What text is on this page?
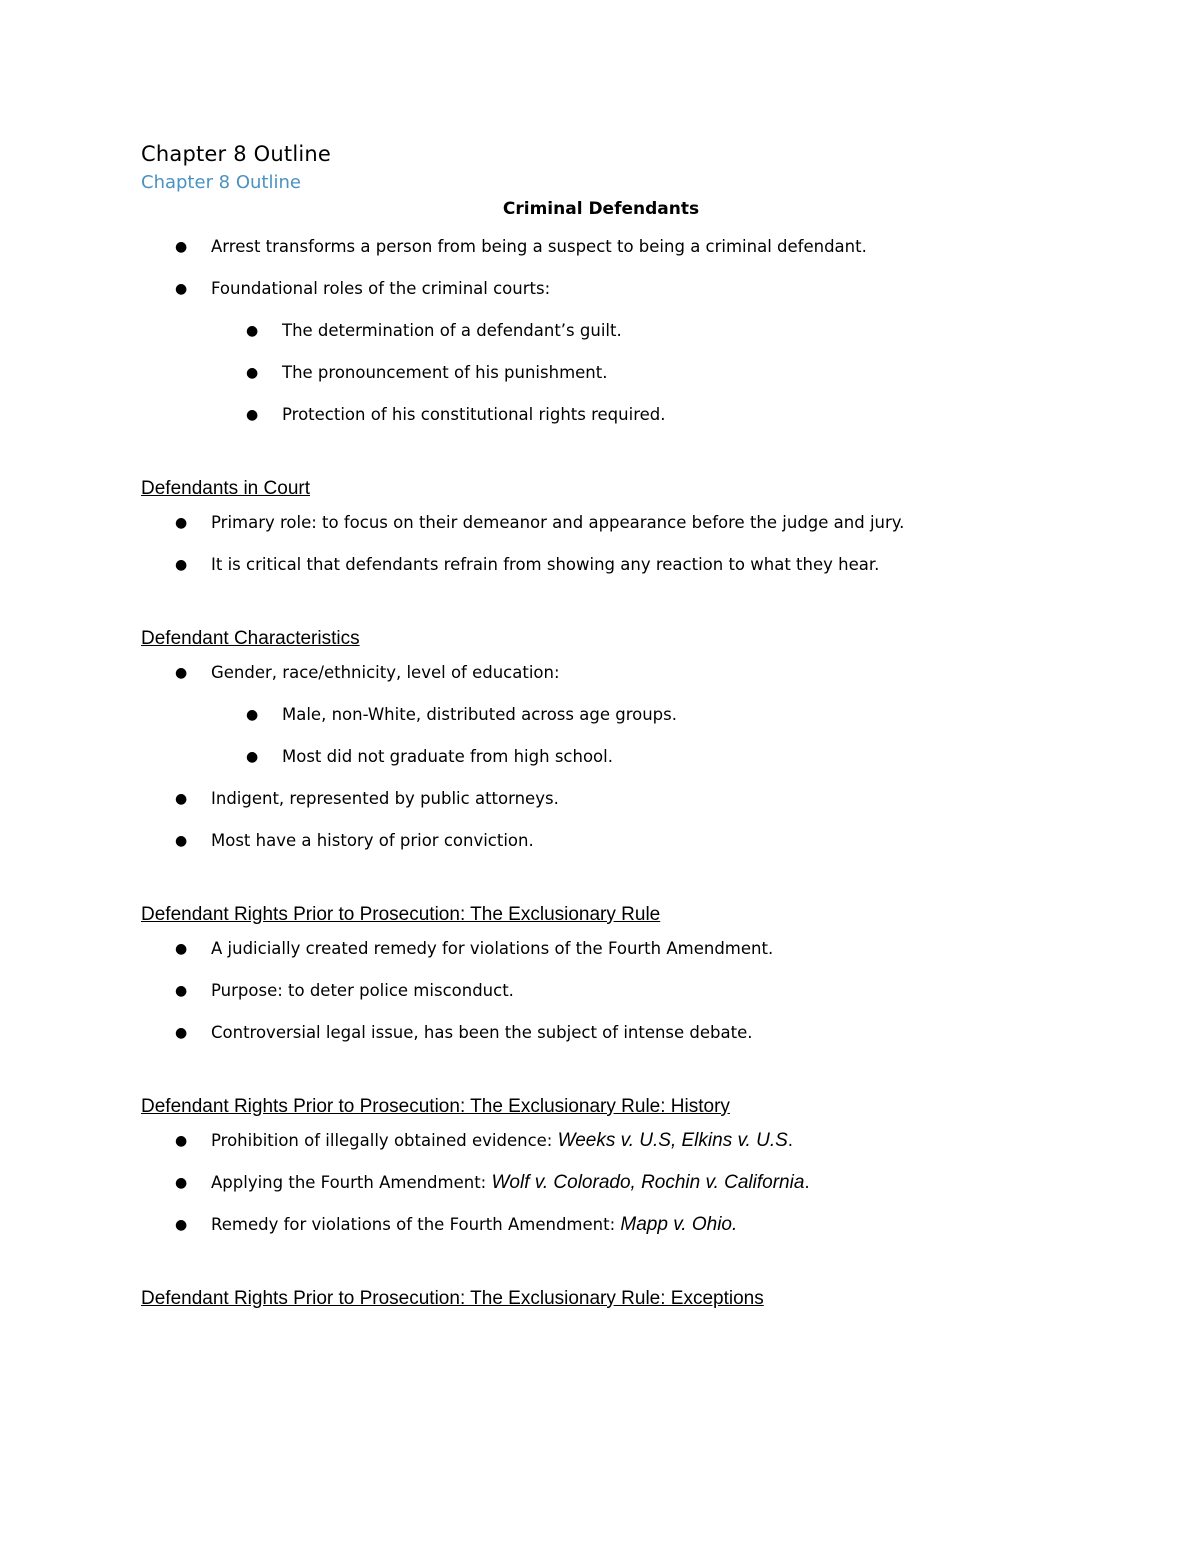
Chapter 8 Outline
Chapter 8 Outline
Criminal Defendants
● Arrest transforms a person from being a suspect to being a criminal defendant.
● Foundational roles of the criminal courts:
● The determination of a defendant’s guilt.
● The pronouncement of his punishment.
● Protection of his constitutional rights required.
Defendants in Court
● Primary role: to focus on their demeanor and appearance before the judge and jury.
● It is critical that defendants refrain from showing any reaction to what they hear.
Defendant Characteristics
● Gender, race/ethnicity, level of education:
● Male, non-White, distributed across age groups.
● Most did not graduate from high school.
● Indigent, represented by public attorneys.
● Most have a history of prior conviction.
Defendant Rights Prior to Prosecution: The Exclusionary Rule
● A judicially created remedy for violations of the Fourth Amendment.
● Purpose: to deter police misconduct.
● Controversial legal issue, has been the subject of intense debate.
Defendant Rights Prior to Prosecution: The Exclusionary Rule: History
● Prohibition of illegally obtained evidence: Weeks v. U.S, Elkins v. U.S.
● Applying the Fourth Amendment: Wolf v. Colorado, Rochin v. California.
● Remedy for violations of the Fourth Amendment: Mapp v. Ohio.
Defendant Rights Prior to Prosecution: The Exclusionary Rule: Exceptions
